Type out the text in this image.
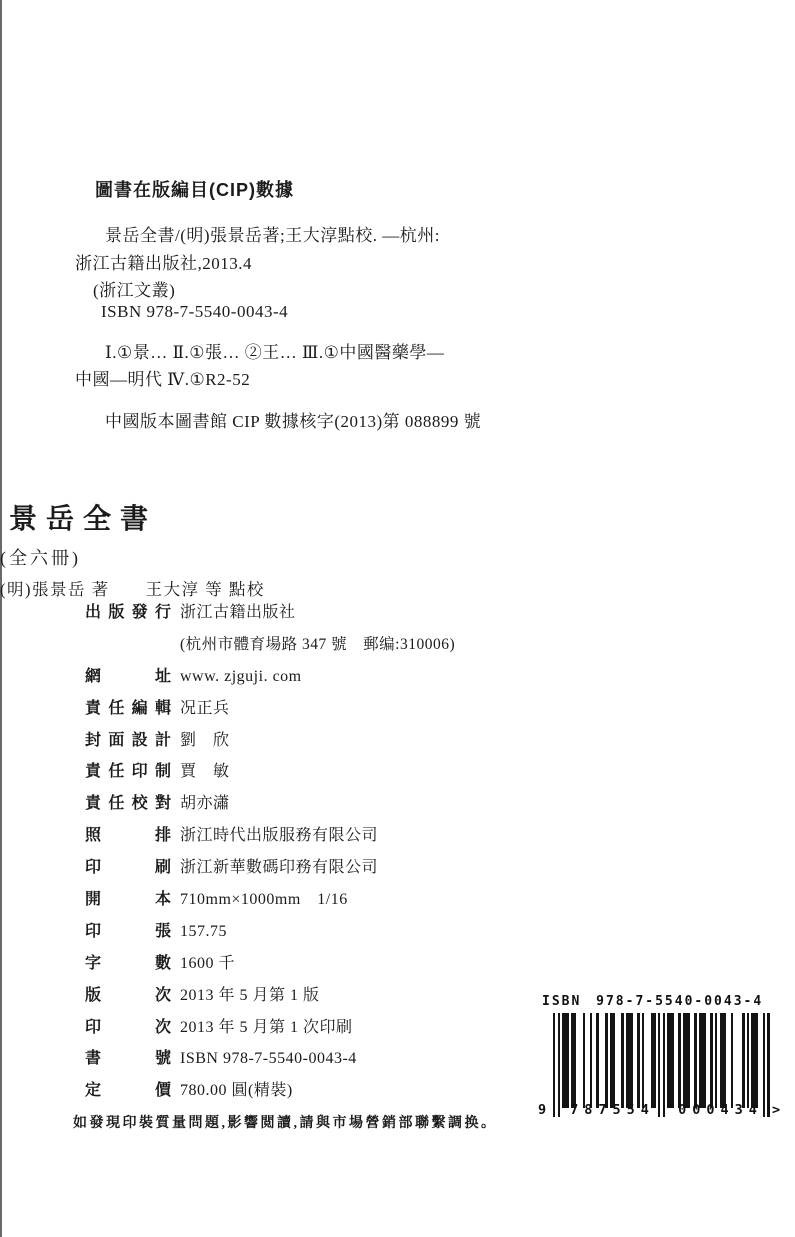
圖書在版編目(CIP)數據
景岳全書/(明)張景岳著;王大淳點校. —杭州:
浙江古籍出版社,2013.4
(浙江文叢)
ISBN 978-7-5540-0043-4
Ⅰ.①景… Ⅱ.①張… ②王… Ⅲ.①中國醫藥學—
中國—明代 Ⅳ.①R2-52
中國版本圖書館 CIP 數據核字(2013)第 088899 號
景岳全書
(全六冊)
(明)張景岳 著　　王大淳 等 點校
出版發行 浙江古籍出版社
(杭州市體育場路 347 號　郵编:310006)
網址 www. zjguji. com
責任編輯 况正兵
封面設計 劉　欣
責任印制 賈　敏
責任校對 胡亦瀟
照排 浙江時代出版服務有限公司
印刷 浙江新華數碼印務有限公司
開本 710mm×1000mm　1/16
印張 157.75
字數 1600 千
版次 2013 年 5 月第 1 版
印次 2013 年 5 月第 1 次印刷
書號 ISBN 978-7-5540-0043-4
定價 780.00 圓(精裝)
如發現印裝質量問題,影響閲讀,請與市場營銷部聯繫調换。
ISBN 978-7-5540-0043-4
9	787554	000434 >
